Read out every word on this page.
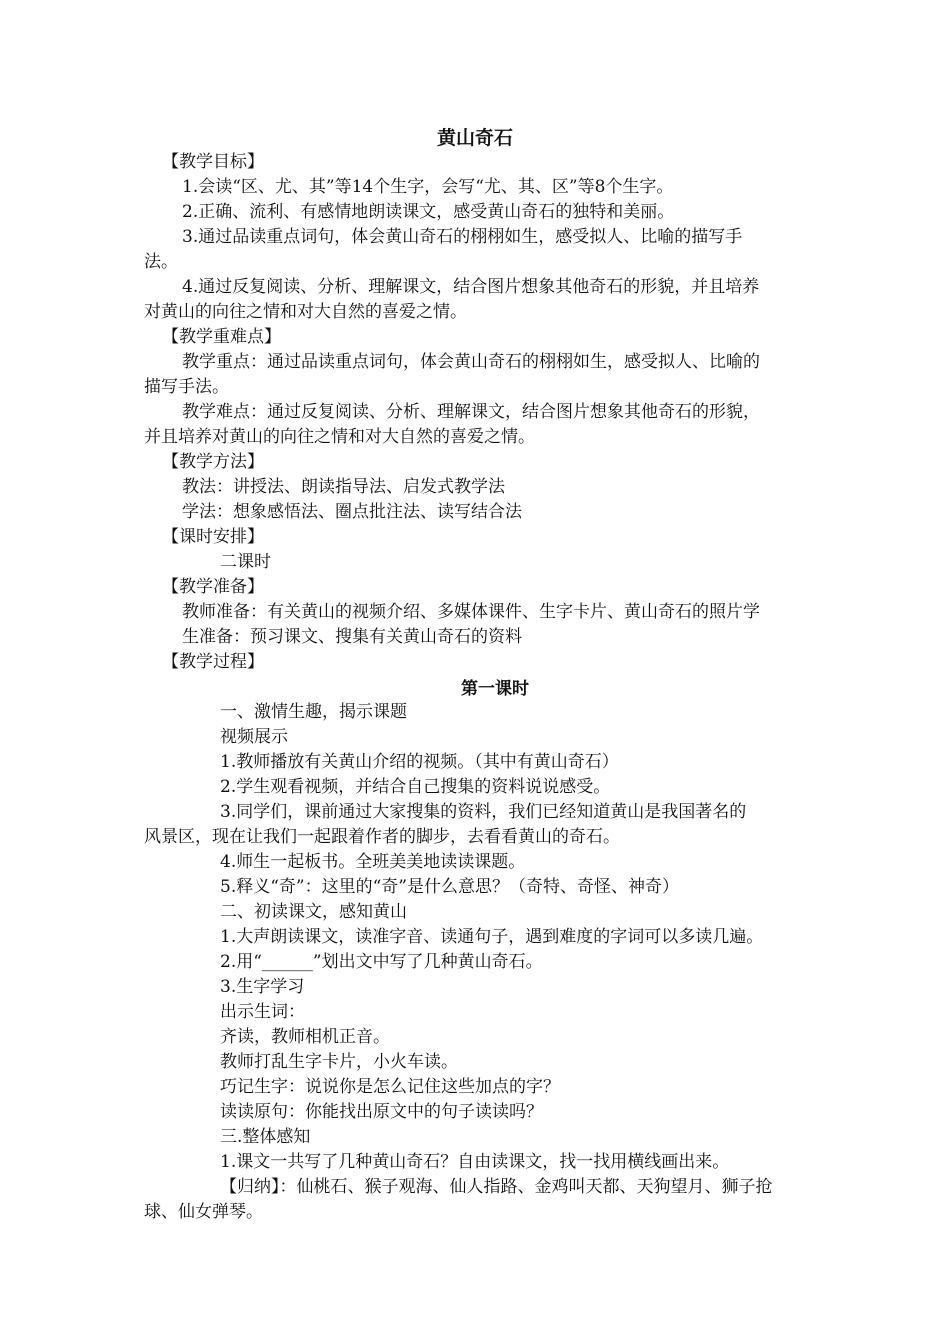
黄山奇石
【教学目标】
1.会读“区、尤、其”等14个生字，会写“尤、其、区”等8个生字。
2.正确、流利、有感情地朗读课文，感受黄山奇石的独特和美丽。
3.通过品读重点词句，体会黄山奇石的栩栩如生，感受拟人、比喻的描写手
法。
4.通过反复阅读、分析、理解课文，结合图片想象其他奇石的形貌，并且培养
对黄山的向往之情和对大自然的喜爱之情。
【教学重难点】
教学重点：通过品读重点词句，体会黄山奇石的栩栩如生，感受拟人、比喻的
描写手法。
教学难点：通过反复阅读、分析、理解课文，结合图片想象其他奇石的形貌，
并且培养对黄山的向往之情和对大自然的喜爱之情。
【教学方法】
教法：讲授法、朗读指导法、启发式教学法
学法：想象感悟法、圈点批注法、读写结合法
【课时安排】
二课时
【教学准备】
教师准备：有关黄山的视频介绍、多媒体课件、生字卡片、黄山奇石的照片学
生准备：预习课文、搜集有关黄山奇石的资料
【教学过程】
第一课时
一、激情生趣，揭示课题
视频展示
1.教师播放有关黄山介绍的视频。（其中有黄山奇石）
2.学生观看视频，并结合自己搜集的资料说说感受。
3.同学们，课前通过大家搜集的资料，我们已经知道黄山是我国著名的
风景区，现在让我们一起跟着作者的脚步，去看看黄山的奇石。
4.师生一起板书。全班美美地读读课题。
5.释义“奇”：这里的“奇”是什么意思？（奇特、奇怪、神奇）
二、初读课文，感知黄山
1.大声朗读课文，读准字音、读通句子，遇到难度的字词可以多读几遍。
2.用“______”划出文中写了几种黄山奇石。
3.生字学习
出示生词：
齐读，教师相机正音。
教师打乱生字卡片，小火车读。
巧记生字：说说你是怎么记住这些加点的字？
读读原句：你能找出原文中的句子读读吗？
三.整体感知
1.课文一共写了几种黄山奇石？自由读课文，找一找用横线画出来。
【归纳】：仙桃石、猴子观海、仙人指路、金鸡叫天都、天狗望月、狮子抢
球、仙女弹琴。
